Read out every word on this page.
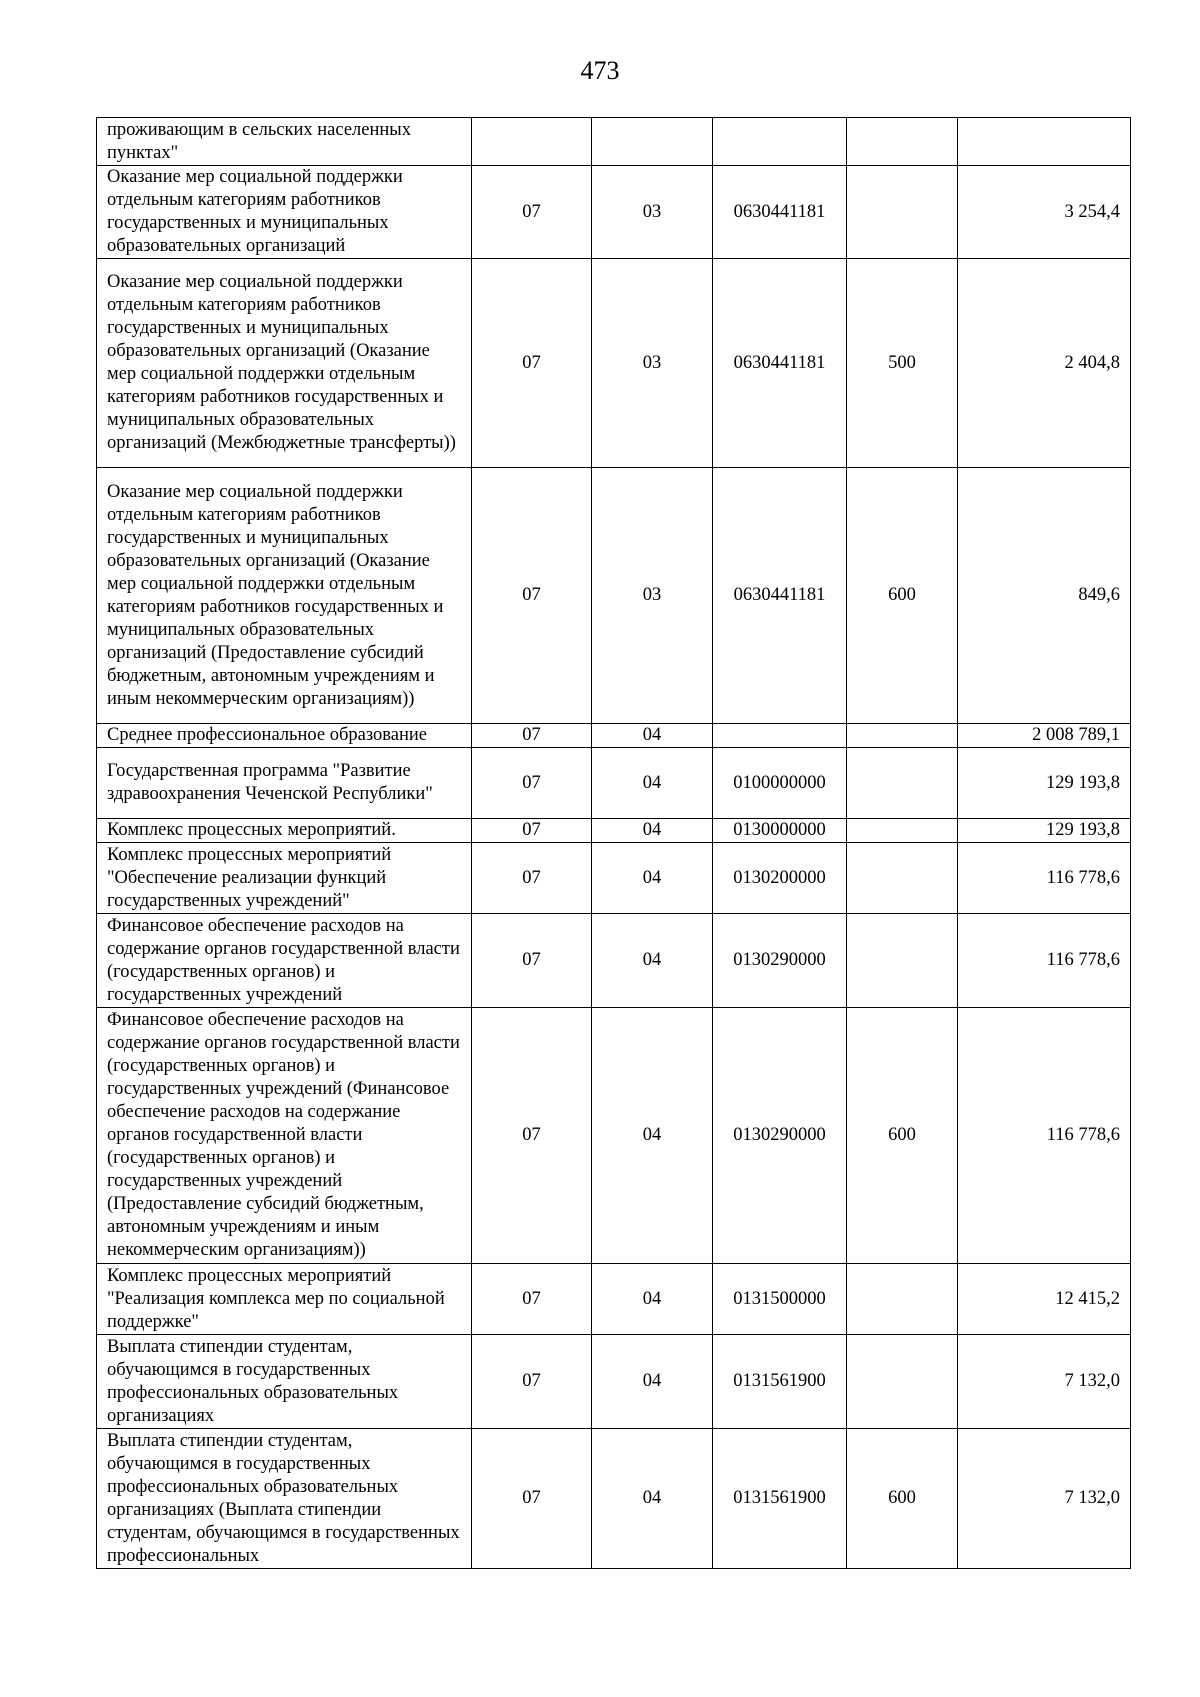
473
проживающим в сельских населенных пунктах"					
Оказание мер социальной поддержки отдельным категориям работников государственных и муниципальных образовательных организаций	07	03	0630441181		3 254,4
Оказание мер социальной поддержки отдельным категориям работников государственных и муниципальных образовательных организаций (Оказание мер социальной поддержки отдельным категориям работников государственных и муниципальных образовательных организаций (Межбюджетные трансферты))	07	03	0630441181	500	2 404,8
Оказание мер социальной поддержки отдельным категориям работников государственных и муниципальных образовательных организаций (Оказание мер социальной поддержки отдельным категориям работников государственных и муниципальных образовательных организаций (Предоставление субсидий бюджетным, автономным учреждениям и иным некоммерческим организациям))	07	03	0630441181	600	849,6
Среднее профессиональное образование	07	04			2 008 789,1
Государственная программа "Развитие здравоохранения Чеченской Республики"	07	04	0100000000		129 193,8
Комплекс процессных мероприятий.	07	04	0130000000		129 193,8
Комплекс процессных мероприятий "Обеспечение реализации функций государственных учреждений"	07	04	0130200000		116 778,6
Финансовое обеспечение расходов на содержание органов государственной власти (государственных органов) и государственных учреждений	07	04	0130290000		116 778,6
Финансовое обеспечение расходов на содержание органов государственной власти (государственных органов) и государственных учреждений (Финансовое обеспечение расходов на содержание органов государственной власти (государственных органов) и государственных учреждений (Предоставление субсидий бюджетным, автономным учреждениям и иным некоммерческим организациям))	07	04	0130290000	600	116 778,6
Комплекс процессных мероприятий "Реализация комплекса мер по социальной поддержке"	07	04	0131500000		12 415,2
Выплата стипендии студентам, обучающимся в государственных профессиональных образовательных организациях	07	04	0131561900		7 132,0
Выплата стипендии студентам, обучающимся в государственных профессиональных образовательных организациях (Выплата стипендии студентам, обучающимся в государственных профессиональных	07	04	0131561900	600	7 132,0
